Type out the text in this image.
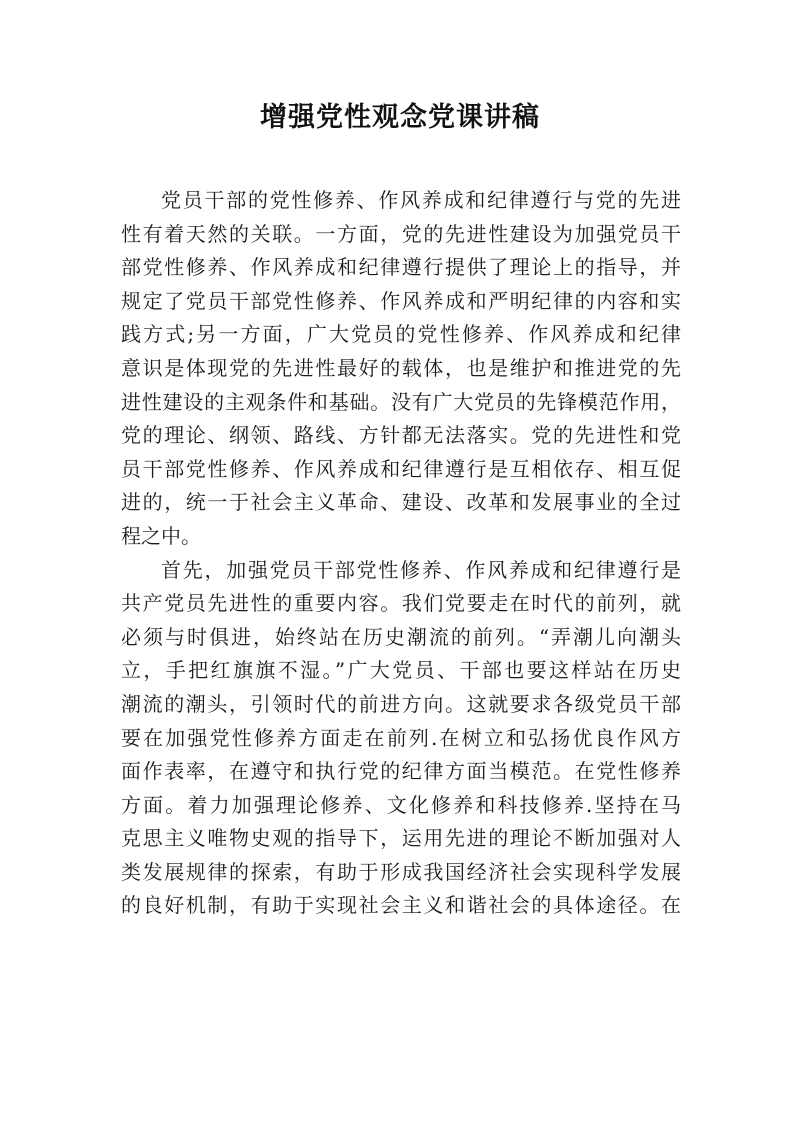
增强党性观念党课讲稿
党员干部的党性修养、作风养成和纪律遵行与党的先进
性有着天然的关联。一方面，党的先进性建设为加强党员干
部党性修养、作风养成和纪律遵行提供了理论上的指导，并
规定了党员干部党性修养、作风养成和严明纪律的内容和实
践方式;另一方面，广大党员的党性修养、作风养成和纪律
意识是体现党的先进性最好的载体，也是维护和推进党的先
进性建设的主观条件和基础。没有广大党员的先锋模范作用，
党的理论、纲领、路线、方针都无法落实。党的先进性和党
员干部党性修养、作风养成和纪律遵行是互相依存、相互促
进的，统一于社会主义革命、建设、改革和发展事业的全过
程之中。
首先，加强党员干部党性修养、作风养成和纪律遵行是
共产党员先进性的重要内容。我们党要走在时代的前列，就
必须与时俱进，始终站在历史潮流的前列。“弄潮儿向潮头
立，手把红旗旗不湿。”广大党员、干部也要这样站在历史
潮流的潮头，引领时代的前进方向。这就要求各级党员干部
要在加强党性修养方面走在前列.在树立和弘扬优良作风方
面作表率，在遵守和执行党的纪律方面当模范。在党性修养
方面。着力加强理论修养、文化修养和科技修养.坚持在马
克思主义唯物史观的指导下，运用先进的理论不断加强对人
类发展规律的探索，有助于形成我国经济社会实现科学发展
的良好机制，有助于实现社会主义和谐社会的具体途径。在
